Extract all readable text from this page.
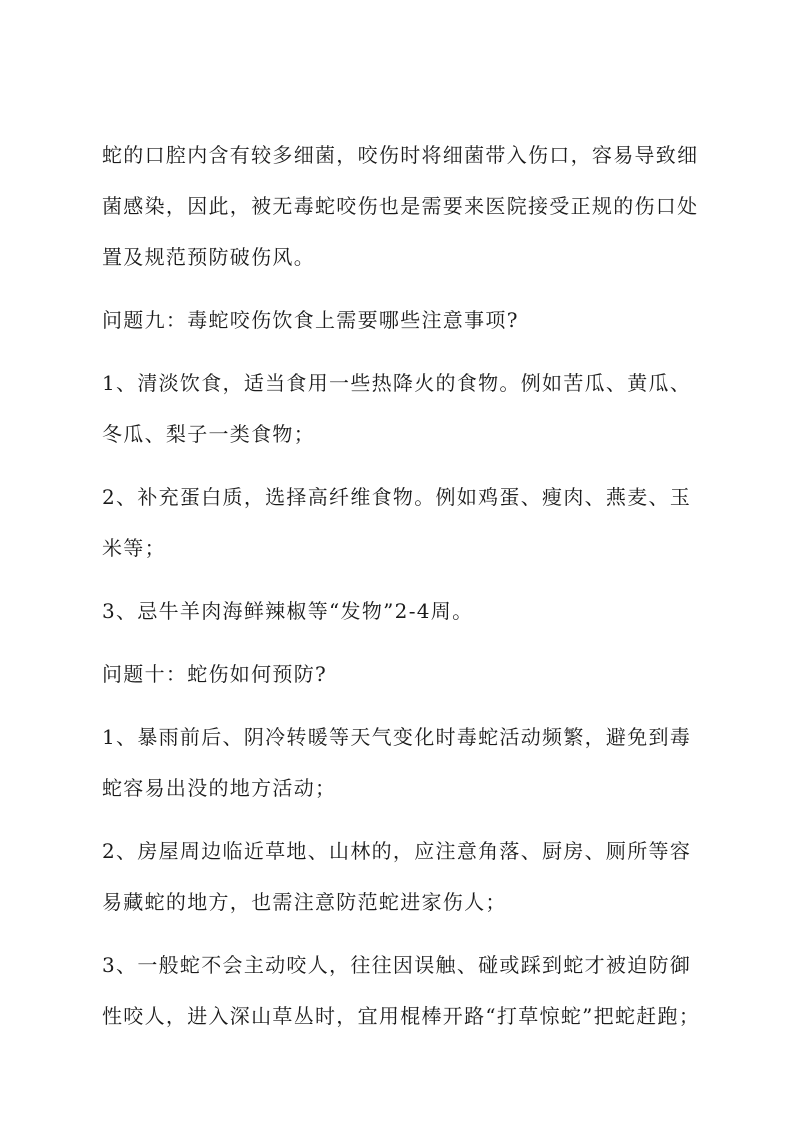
蛇的口腔内含有较多细菌，咬伤时将细菌带入伤口，容易导致细

菌感染，因此，被无毒蛇咬伤也是需要来医院接受正规的伤口处

置及规范预防破伤风。

问题九：毒蛇咬伤饮食上需要哪些注意事项?

1、清淡饮食，适当食用一些热降火的食物。例如苦瓜、黄瓜、

冬瓜、梨子一类食物；

2、补充蛋白质，选择高纤维食物。例如鸡蛋、瘦肉、燕麦、玉

米等；

3、忌牛羊肉海鲜辣椒等“发物”2-4周。

问题十：蛇伤如何预防?

1、暴雨前后、阴冷转暖等天气变化时毒蛇活动频繁，避免到毒

蛇容易出没的地方活动；

2、房屋周边临近草地、山林的，应注意角落、厨房、厕所等容

易藏蛇的地方，也需注意防范蛇进家伤人；

3、一般蛇不会主动咬人，往往因误触、碰或踩到蛇才被迫防御

性咬人，进入深山草丛时，宜用棍棒开路“打草惊蛇”把蛇赶跑；
